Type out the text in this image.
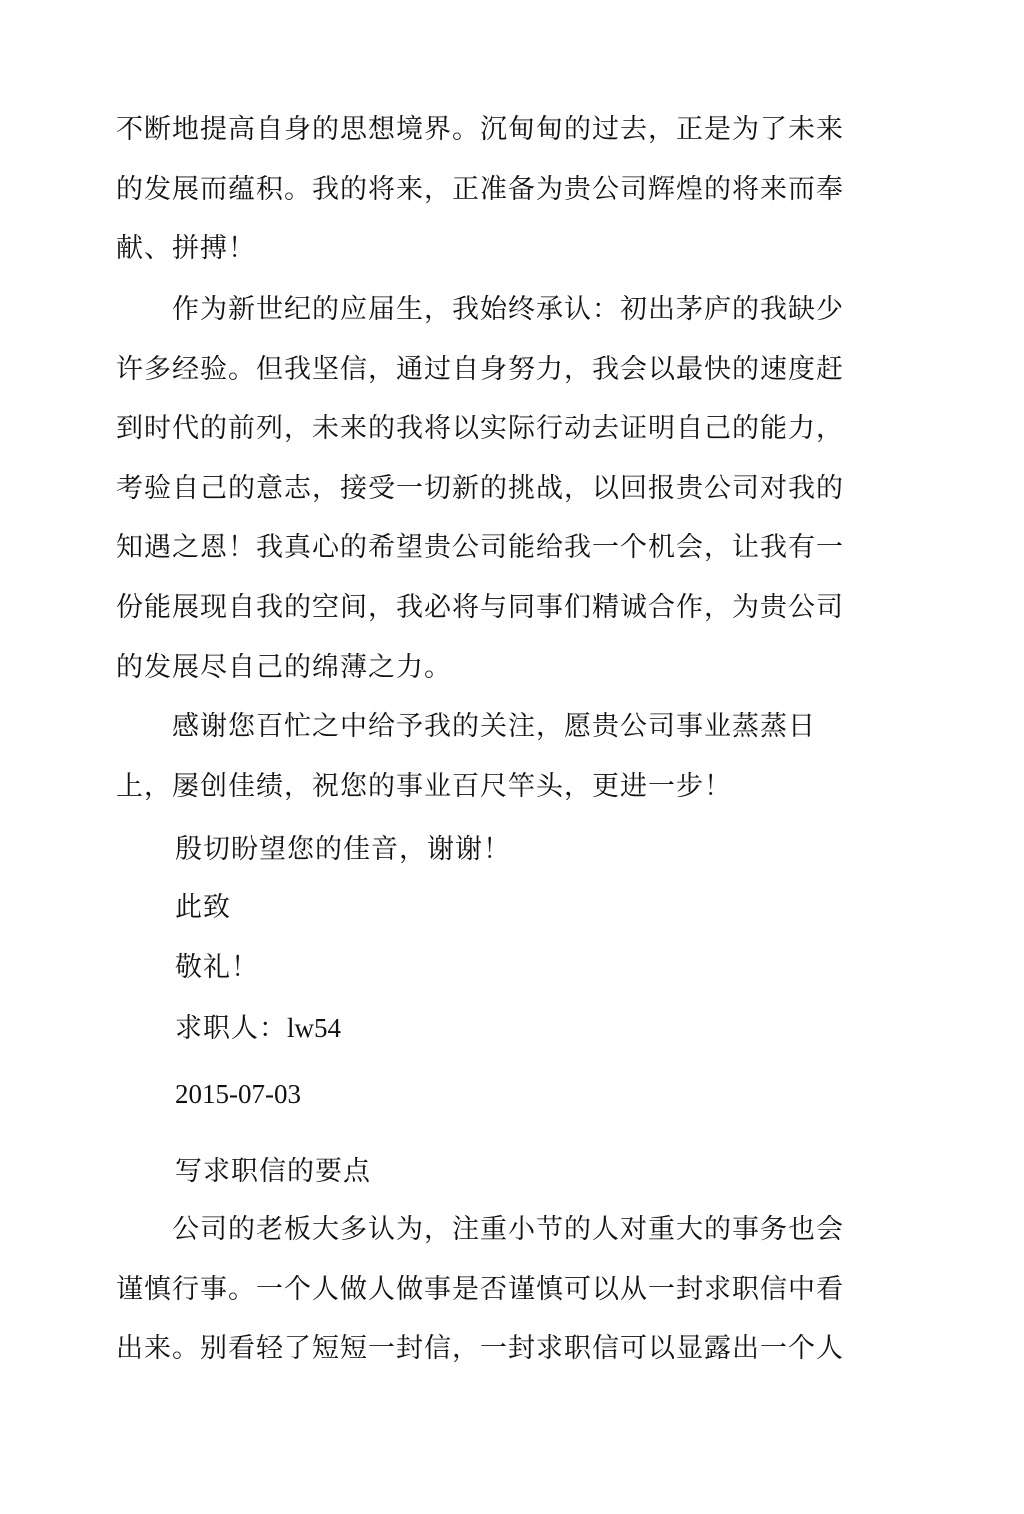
不断地提高自身的思想境界。沉甸甸的过去，正是为了未来
的发展而蕴积。我的将来，正准备为贵公司辉煌的将来而奉
献、拼搏！
　　作为新世纪的应届生，我始终承认：初出茅庐的我缺少
许多经验。但我坚信，通过自身努力，我会以最快的速度赶
到时代的前列，未来的我将以实际行动去证明自己的能力，
考验自己的意志，接受一切新的挑战，以回报贵公司对我的
知遇之恩！我真心的希望贵公司能给我一个机会，让我有一
份能展现自我的空间，我必将与同事们精诚合作，为贵公司
的发展尽自己的绵薄之力。
　　感谢您百忙之中给予我的关注，愿贵公司事业蒸蒸日
上，屡创佳绩，祝您的事业百尺竿头，更进一步！
殷切盼望您的佳音，谢谢！
此致
敬礼！
求职人：lw54
2015-07-03
写求职信的要点
　　公司的老板大多认为，注重小节的人对重大的事务也会
谨慎行事。一个人做人做事是否谨慎可以从一封求职信中看
出来。别看轻了短短一封信，一封求职信可以显露出一个人
